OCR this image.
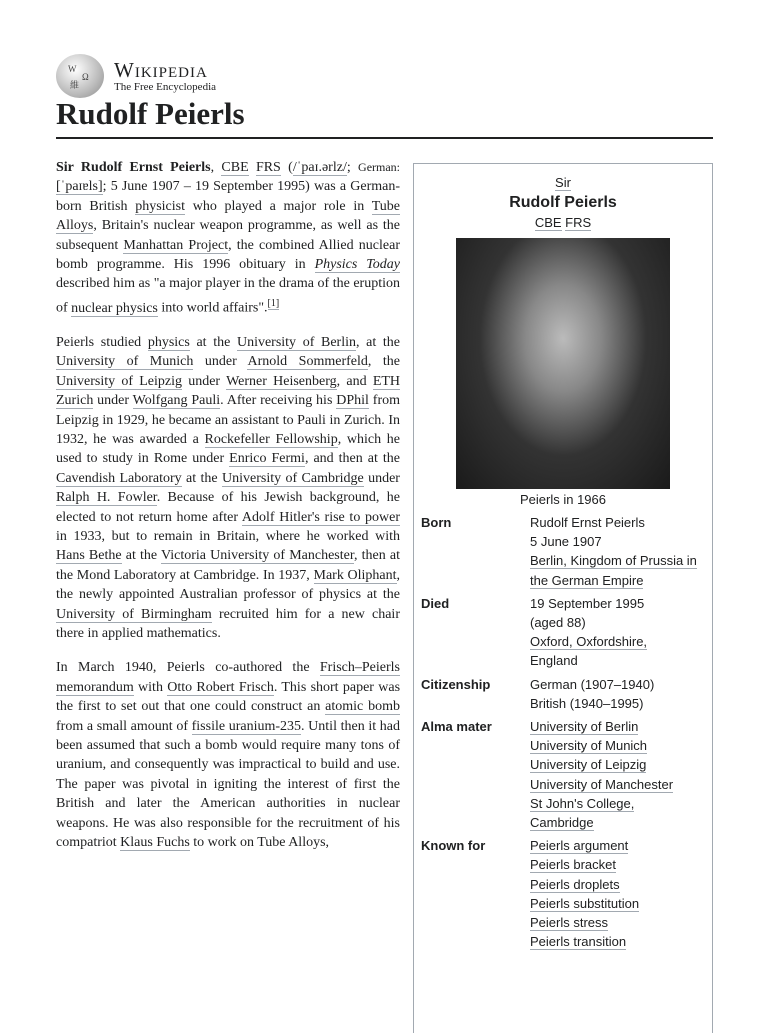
W
Ω
維
Wikipedia
The Free Encyclopedia
Rudolf Peierls

Sir Rudolf Ernst Peierls, CBE FRS (/ˈpaɪ.ərlz/; German: [ˈpaɪɐls]; 5 June 1907 – 19 September 1995) was a German-born British physicist who played a major role in Tube Alloys, Britain's nuclear weapon programme, as well as the subsequent Manhattan Project, the combined Allied nuclear bomb programme. His 1996 obituary in Physics Today described him as "a major player in the drama of the eruption of nuclear physics into world affairs".[1]

Peierls studied physics at the University of Berlin, at the University of Munich under Arnold Sommerfeld, the University of Leipzig under Werner Heisenberg, and ETH Zurich under Wolfgang Pauli. After receiving his DPhil from Leipzig in 1929, he became an assistant to Pauli in Zurich. In 1932, he was awarded a Rockefeller Fellowship, which he used to study in Rome under Enrico Fermi, and then at the Cavendish Laboratory at the University of Cambridge under Ralph H. Fowler. Because of his Jewish background, he elected to not return home after Adolf Hitler's rise to power in 1933, but to remain in Britain, where he worked with Hans Bethe at the Victoria University of Manchester, then at the Mond Laboratory at Cambridge. In 1937, Mark Oliphant, the newly appointed Australian professor of physics at the University of Birmingham recruited him for a new chair there in applied mathematics.

In March 1940, Peierls co-authored the Frisch–Peierls memorandum with Otto Robert Frisch. This short paper was the first to set out that one could construct an atomic bomb from a small amount of fissile uranium-235. Until then it had been assumed that such a bomb would require many tons of uranium, and consequently was impractical to build and use. The paper was pivotal in igniting the interest of first the British and later the American authorities in nuclear weapons. He was also responsible for the recruitment of his compatriot Klaus Fuchs to work on Tube Alloys,

Sir
Rudolf Peierls
CBE FRS
Peierls in 1966
Born	Rudolf Ernst Peierls
5 June 1907
Berlin, Kingdom of Prussia in
the German Empire
Died	19 September 1995
(aged 88)
Oxford, Oxfordshire,
England
Citizenship	German (1907–1940)
British (1940–1995)
Alma mater	University of Berlin
University of Munich
University of Leipzig
University of Manchester
St John's College,
Cambridge
Known for	Peierls argument
Peierls bracket
Peierls droplets
Peierls substitution
Peierls stress
Peierls transition
